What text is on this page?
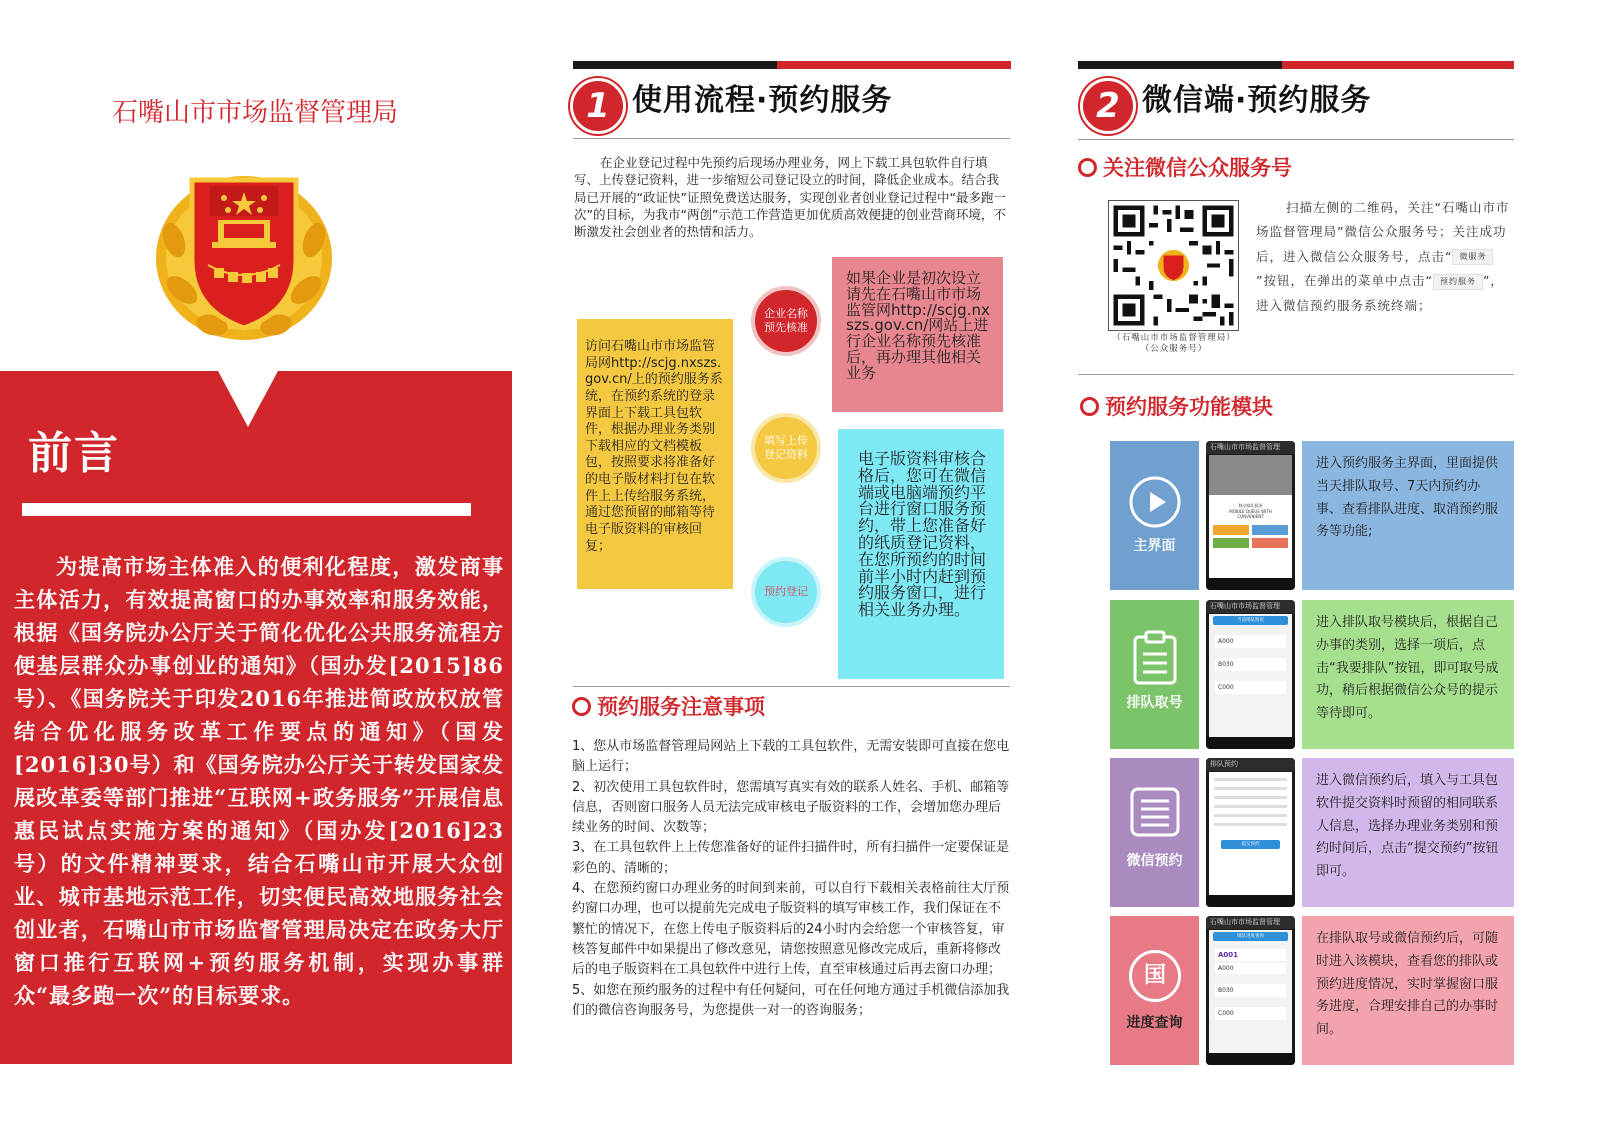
石嘴山市市场监督管理局
前言
为提高市场主体准入的便利化程度，激发商事主体活力，有效提高窗口的办事效率和服务效能，根据《国务院办公厅关于简化优化公共服务流程方便基层群众办事创业的通知》（国办发[2015]86号）、《国务院关于印发2016年推进简政放权放管结合优化服务改革工作要点的通知》（国发[2016]30号）和《国务院办公厅关于转发国家发展改革委等部门推进“互联网+政务服务”开展信息惠民试点实施方案的通知》（国办发[2016]23号）的文件精神要求，结合石嘴山市开展大众创业、城市基地示范工作，切实便民高效地服务社会创业者，石嘴山市市场监督管理局决定在政务大厅窗口推行互联网+预约服务机制，实现办事群众“最多跑一次”的目标要求。
1 使用流程·预约服务
在企业登记过程中先预约后现场办理业务，网上下载工具包软件自行填写、上传登记资料，进一步缩短公司登记设立的时间，降低企业成本。结合我局已开展的“政证快”证照免费送达服务，实现创业者创业登记过程中“最多跑一次”的目标，为我市“两创”示范工作营造更加优质高效便捷的创业营商环境，不断激发社会创业者的热情和活力。
访问石嘴山市市场监管局网http://scjg.nxszs.gov.cn/上的预约服务系统，在预约系统的登录界面上下载工具包软件，根据办理业务类别下载相应的文档模板包，按照要求将准备好的电子版材料打包在软件上上传给服务系统，通过您预留的邮箱等待电子版资料的审核回复；
如果企业是初次设立请先在石嘴山市市场监管网http://scjg.nxszs.gov.cn/网站上进行企业名称预先核准后，再办理其他相关业务
电子版资料审核合格后，您可在微信端或电脑端预约平台进行窗口服务预约，带上您准备好的纸质登记资料，在您所预约的时间前半小时内赶到预约服务窗口，进行相关业务办理。
企业名称预先核准
填写上传登记资料
预约登记
预约服务注意事项
1、您从市场监督管理局网站上下载的工具包软件，无需安装即可直接在您电脑上运行；
2、初次使用工具包软件时，您需填写真实有效的联系人姓名、手机、邮箱等信息，否则窗口服务人员无法完成审核电子版资料的工作，会增加您办理后续业务的时间、次数等；
3、在工具包软件上上传您准备好的证件扫描件时，所有扫描件一定要保证是彩色的、清晰的；
4、在您预约窗口办理业务的时间到来前，可以自行下载相关表格前往大厅预约窗口办理，也可以提前先完成电子版资料的填写审核工作，我们保证在不繁忙的情况下，在您上传电子版资料后的24小时内会给您一个审核答复，审核答复邮件中如果提出了修改意见，请您按照意见修改完成后，重新将修改后的电子版资料在工具包软件中进行上传，直至审核通过后再去窗口办理；
5、如您在预约服务的过程中有任何疑问，可在任何地方通过手机微信添加我们的微信咨询服务号，为您提供一对一的咨询服务；
2 微信端·预约服务
关注微信公众服务号
（石嘴山市市场监督管理局）
（公众服务号）
扫描左侧的二维码，关注“石嘴山市市场监督管理局”微信公众服务号；关注成功后，进入微信公众服务号，点击“ 微服务”按钮，在弹出的菜单中点击“ 预约服务 ”，进入微信预约服务系统终端；
预约服务功能模块
主界面
石嘴山市市场监督管理
移动排队服务
MOBILE QUEUE WITH
CONVENIENT
进入预约服务主界面，里面提供当天排队取号、7天内预约办事、查看排队进度、取消预约服务等功能;
排队取号
石嘴山市市场监督管理
当前排队情况
A000
B030
C000
进入排队取号模块后，根据自己办事的类别，选择一项后，点击“我要排队”按钮，即可取号成功，稍后根据微信公众号的提示等待即可。
微信预约
排队预约
提交预约
进入微信预约后，填入与工具包软件提交资料时预留的相同联系人信息，选择办理业务类别和预约时间后，点击“提交预约”按钮即可。
国
进度查询
石嘴山市市场监督管理
排队进度查询
A001
A000
B030
C000
在排队取号或微信预约后，可随时进入该模块，查看您的排队或预约进度情况，实时掌握窗口服务进度，合理安排自己的办事时间。
